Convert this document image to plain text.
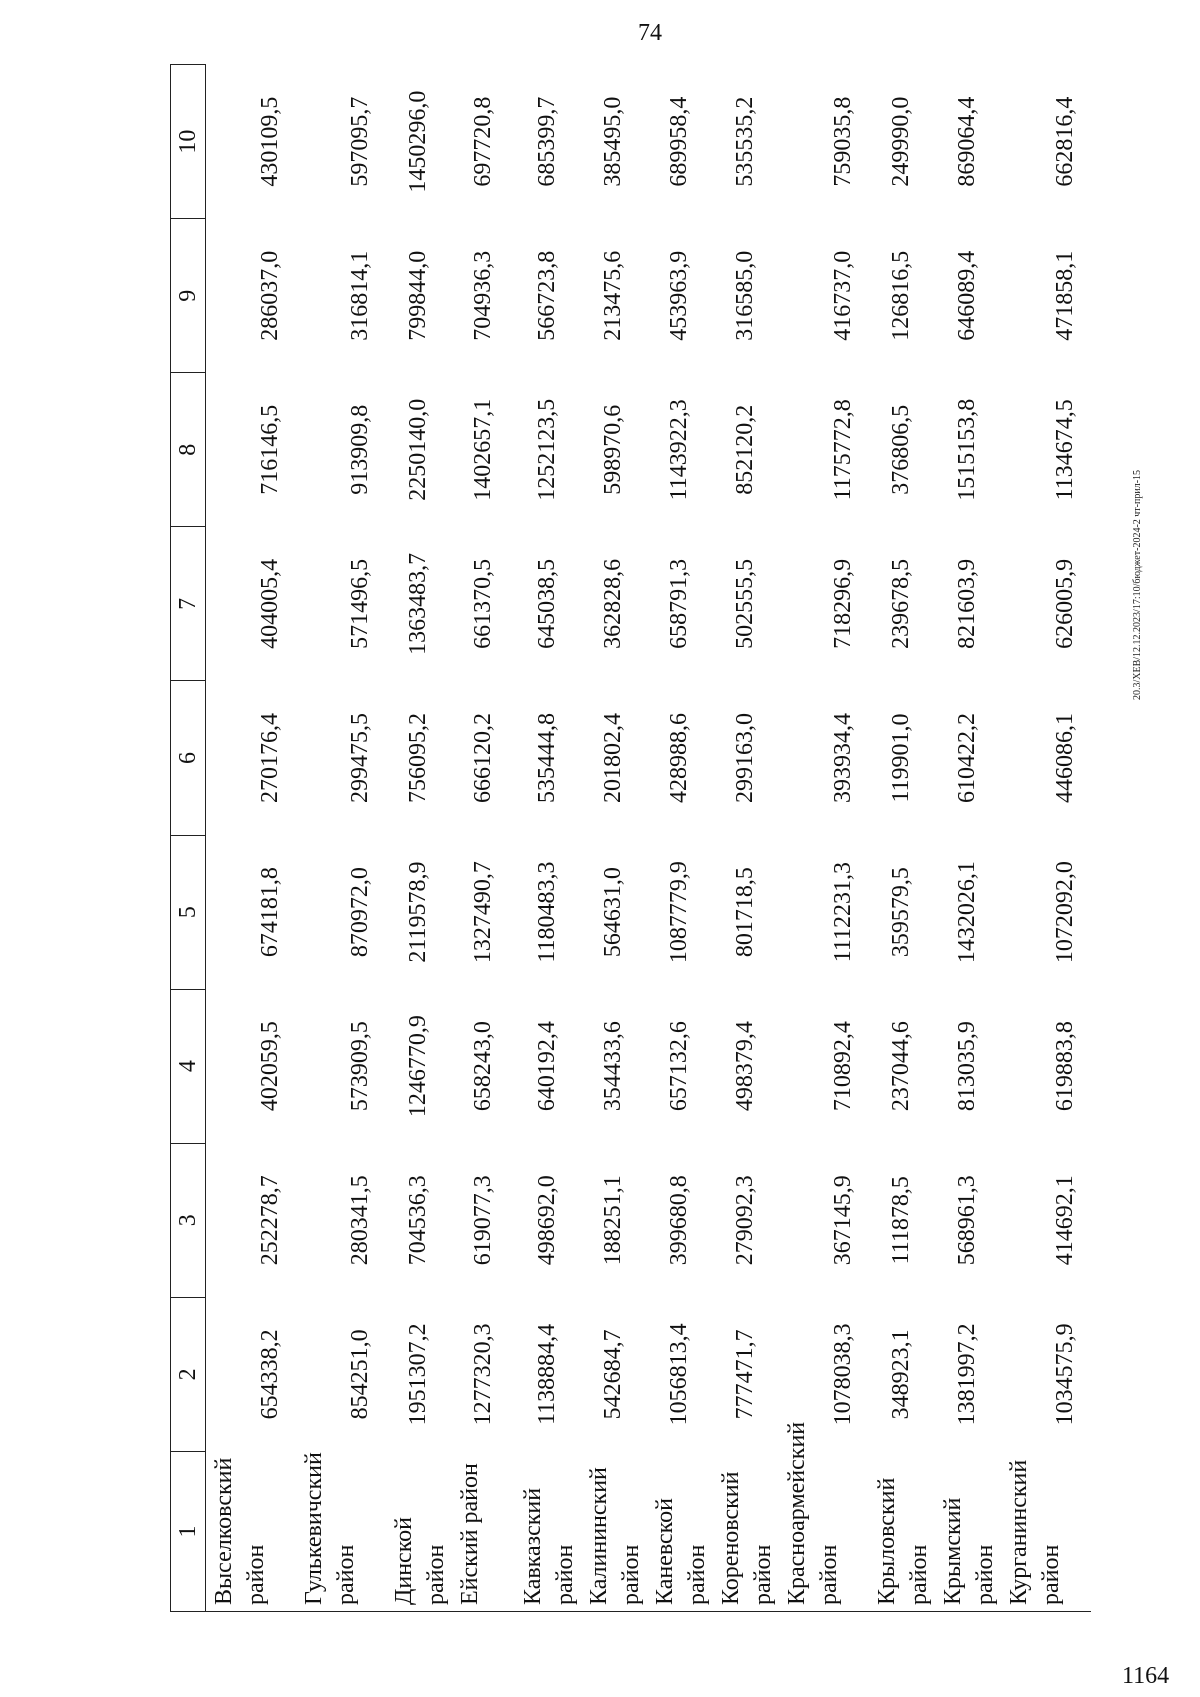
74
20.3/XEB/12.12.2023/17:10/бюджет-2024-2 чт-прил-15
1	2	3	4	5	6	7	8	9	10
Выселковский район	654338,2	252278,7	402059,5	674181,8	270176,4	404005,4	716146,5	286037,0	430109,5
Гулькевичский район	854251,0	280341,5	573909,5	870972,0	299475,5	571496,5	913909,8	316814,1	597095,7
Динской район	1951307,2	704536,3	1246770,9	2119578,9	756095,2	1363483,7	2250140,0	799844,0	1450296,0
Ейский район	1277320,3	619077,3	658243,0	1327490,7	666120,2	661370,5	1402657,1	704936,3	697720,8
Кавказский район	1138884,4	498692,0	640192,4	1180483,3	535444,8	645038,5	1252123,5	566723,8	685399,7
Калининский район	542684,7	188251,1	354433,6	564631,0	201802,4	362828,6	598970,6	213475,6	385495,0
Каневской район	1056813,4	399680,8	657132,6	1087779,9	428988,6	658791,3	1143922,3	453963,9	689958,4
Кореновский район	777471,7	279092,3	498379,4	801718,5	299163,0	502555,5	852120,2	316585,0	535535,2
Красноармейский район	1078038,3	367145,9	710892,4	1112231,3	393934,4	718296,9	1175772,8	416737,0	759035,8
Крыловский район	348923,1	111878,5	237044,6	359579,5	119901,0	239678,5	376806,5	126816,5	249990,0
Крымский район	1381997,2	568961,3	813035,9	1432026,1	610422,2	821603,9	1515153,8	646089,4	869064,4
Курганинский район	1034575,9	414692,1	619883,8	1072092,0	446086,1	626005,9	1134674,5	471858,1	662816,4
1164
